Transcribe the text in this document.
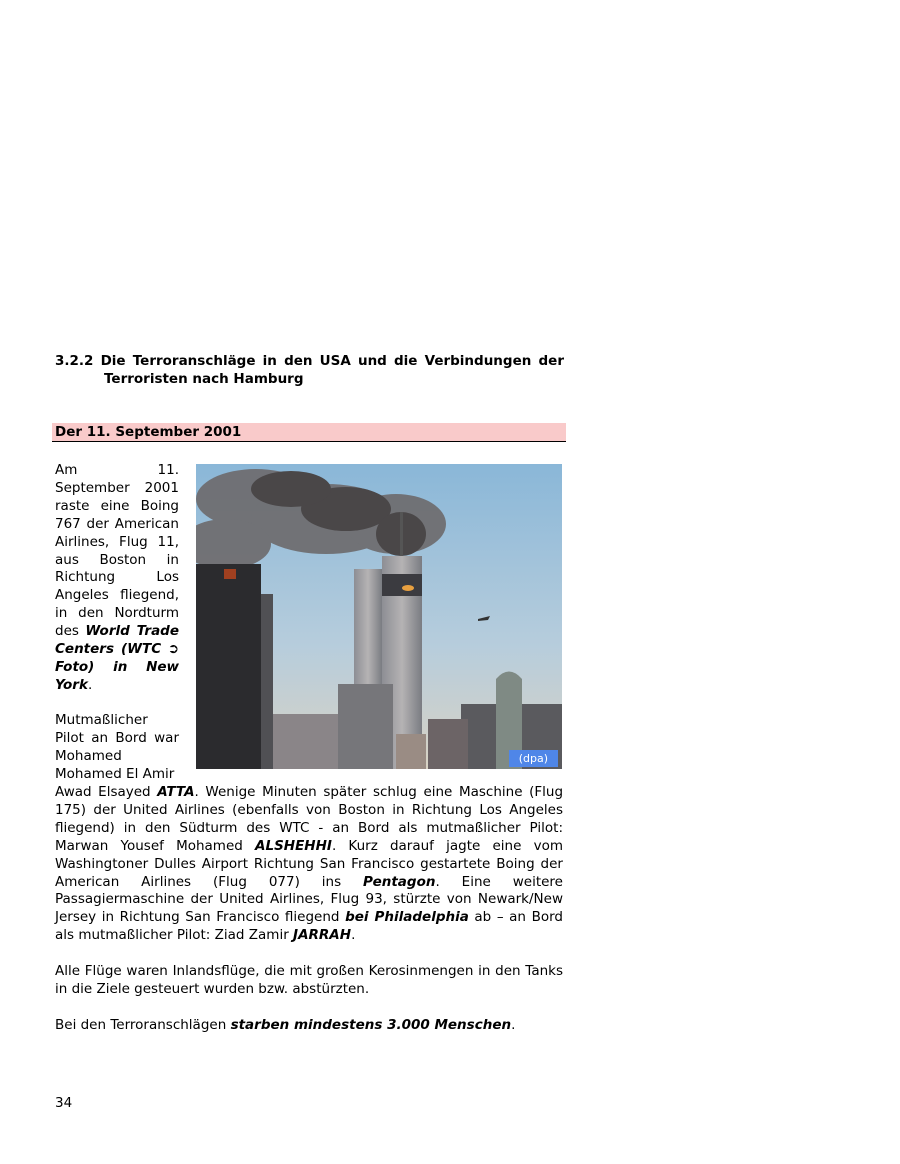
3.2.2 Die Terroranschläge in den USA und die Verbindungen der
Terroristen nach Hamburg
Der 11. September 2001

Am 11. September 2001 raste eine Boing 767 der American Airlines, Flug 11, aus Boston in Richtung Los Angeles fliegend, in den Nordturm des World Trade Centers (WTC ➲ Foto) in New York.

Mutmaßlicher Pilot an Bord war Mohamed Mohamed El Amir

(dpa)

Awad Elsayed ATTA. Wenige Minuten später schlug eine Maschine (Flug 175) der United Airlines (ebenfalls von Boston in Richtung Los Angeles fliegend) in den Südturm des WTC - an Bord als mutmaßlicher Pilot: Marwan Yousef Mohamed ALSHEHHI. Kurz darauf jagte eine vom Washingtoner Dulles Airport Richtung San Francisco gestartete Boing der American Airlines (Flug 077) ins Pentagon. Eine weitere Passagiermaschine der United Airlines, Flug 93, stürzte von Newark/New Jersey in Richtung San Francisco fliegend bei Philadelphia ab – an Bord als mutmaßlicher Pilot: Ziad Zamir JARRAH.

Alle Flüge waren Inlandsflüge, die mit großen Kerosinmengen in den Tanks in die Ziele gesteuert wurden bzw. abstürzten.

Bei den Terroranschlägen starben mindestens 3.000 Menschen.

34
